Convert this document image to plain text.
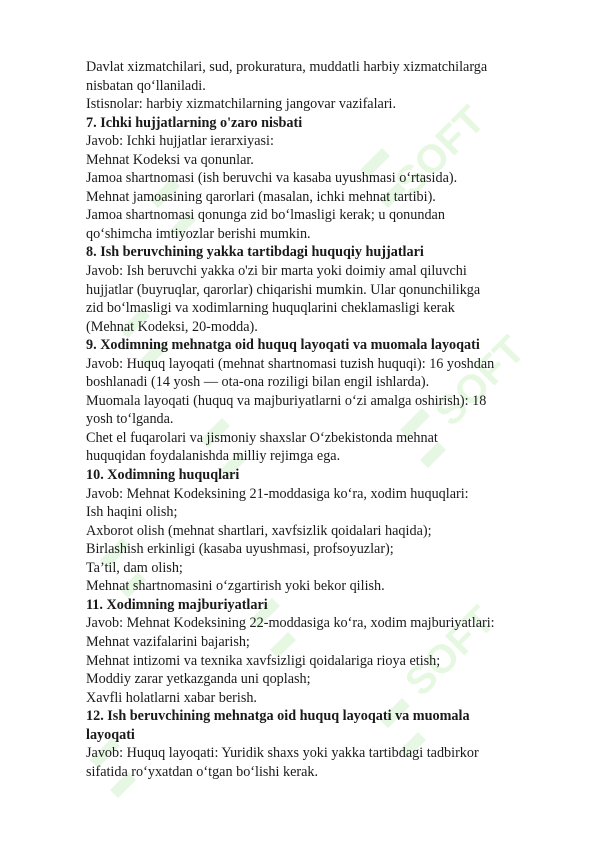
SOFT
SOFT
SOFT
Davlat xizmatchilari, sud, prokuratura, muddatli harbiy xizmatchilarga
nisbatan qo‘llaniladi.
Istisnolar: harbiy xizmatchilarning jangovar vazifalari.
7. Ichki hujjatlarning o'zaro nisbati
Javob: Ichki hujjatlar ierarxiyasi:
Mehnat Kodeksi va qonunlar.
Jamoa shartnomasi (ish beruvchi va kasaba uyushmasi o‘rtasida).
Mehnat jamoasining qarorlari (masalan, ichki mehnat tartibi).
Jamoa shartnomasi qonunga zid bo‘lmasligi kerak; u qonundan
qo‘shimcha imtiyozlar berishi mumkin.
8. Ish beruvchining yakka tartibdagi huquqiy hujjatlari
Javob: Ish beruvchi yakka o'zi bir marta yoki doimiy amal qiluvchi
hujjatlar (buyruqlar, qarorlar) chiqarishi mumkin. Ular qonunchilikga
zid bo‘lmasligi va xodimlarning huquqlarini cheklamasligi kerak
(Mehnat Kodeksi, 20-modda).
9. Xodimning mehnatga oid huquq layoqati va muomala layoqati
Javob: Huquq layoqati (mehnat shartnomasi tuzish huquqi): 16 yoshdan
boshlanadi (14 yosh — ota-ona roziligi bilan engil ishlarda).
Muomala layoqati (huquq va majburiyatlarni o‘zi amalga oshirish): 18
yosh to‘lganda.
Chet el fuqarolari va jismoniy shaxslar O‘zbekistonda mehnat
huquqidan foydalanishda milliy rejimga ega.
10. Xodimning huquqlari
Javob: Mehnat Kodeksining 21-moddasiga ko‘ra, xodim huquqlari:
Ish haqini olish;
Axborot olish (mehnat shartlari, xavfsizlik qoidalari haqida);
Birlashish erkinligi (kasaba uyushmasi, profsoyuzlar);
Ta’til, dam olish;
Mehnat shartnomasini o‘zgartirish yoki bekor qilish.
11. Xodimning majburiyatlari
Javob: Mehnat Kodeksining 22-moddasiga ko‘ra, xodim majburiyatlari:
Mehnat vazifalarini bajarish;
Mehnat intizomi va texnika xavfsizligi qoidalariga rioya etish;
Moddiy zarar yetkazganda uni qoplash;
Xavfli holatlarni xabar berish.
12. Ish beruvchining mehnatga oid huquq layoqati va muomala
layoqati
Javob: Huquq layoqati: Yuridik shaxs yoki yakka tartibdagi tadbirkor
sifatida ro‘yxatdan o‘tgan bo‘lishi kerak.
